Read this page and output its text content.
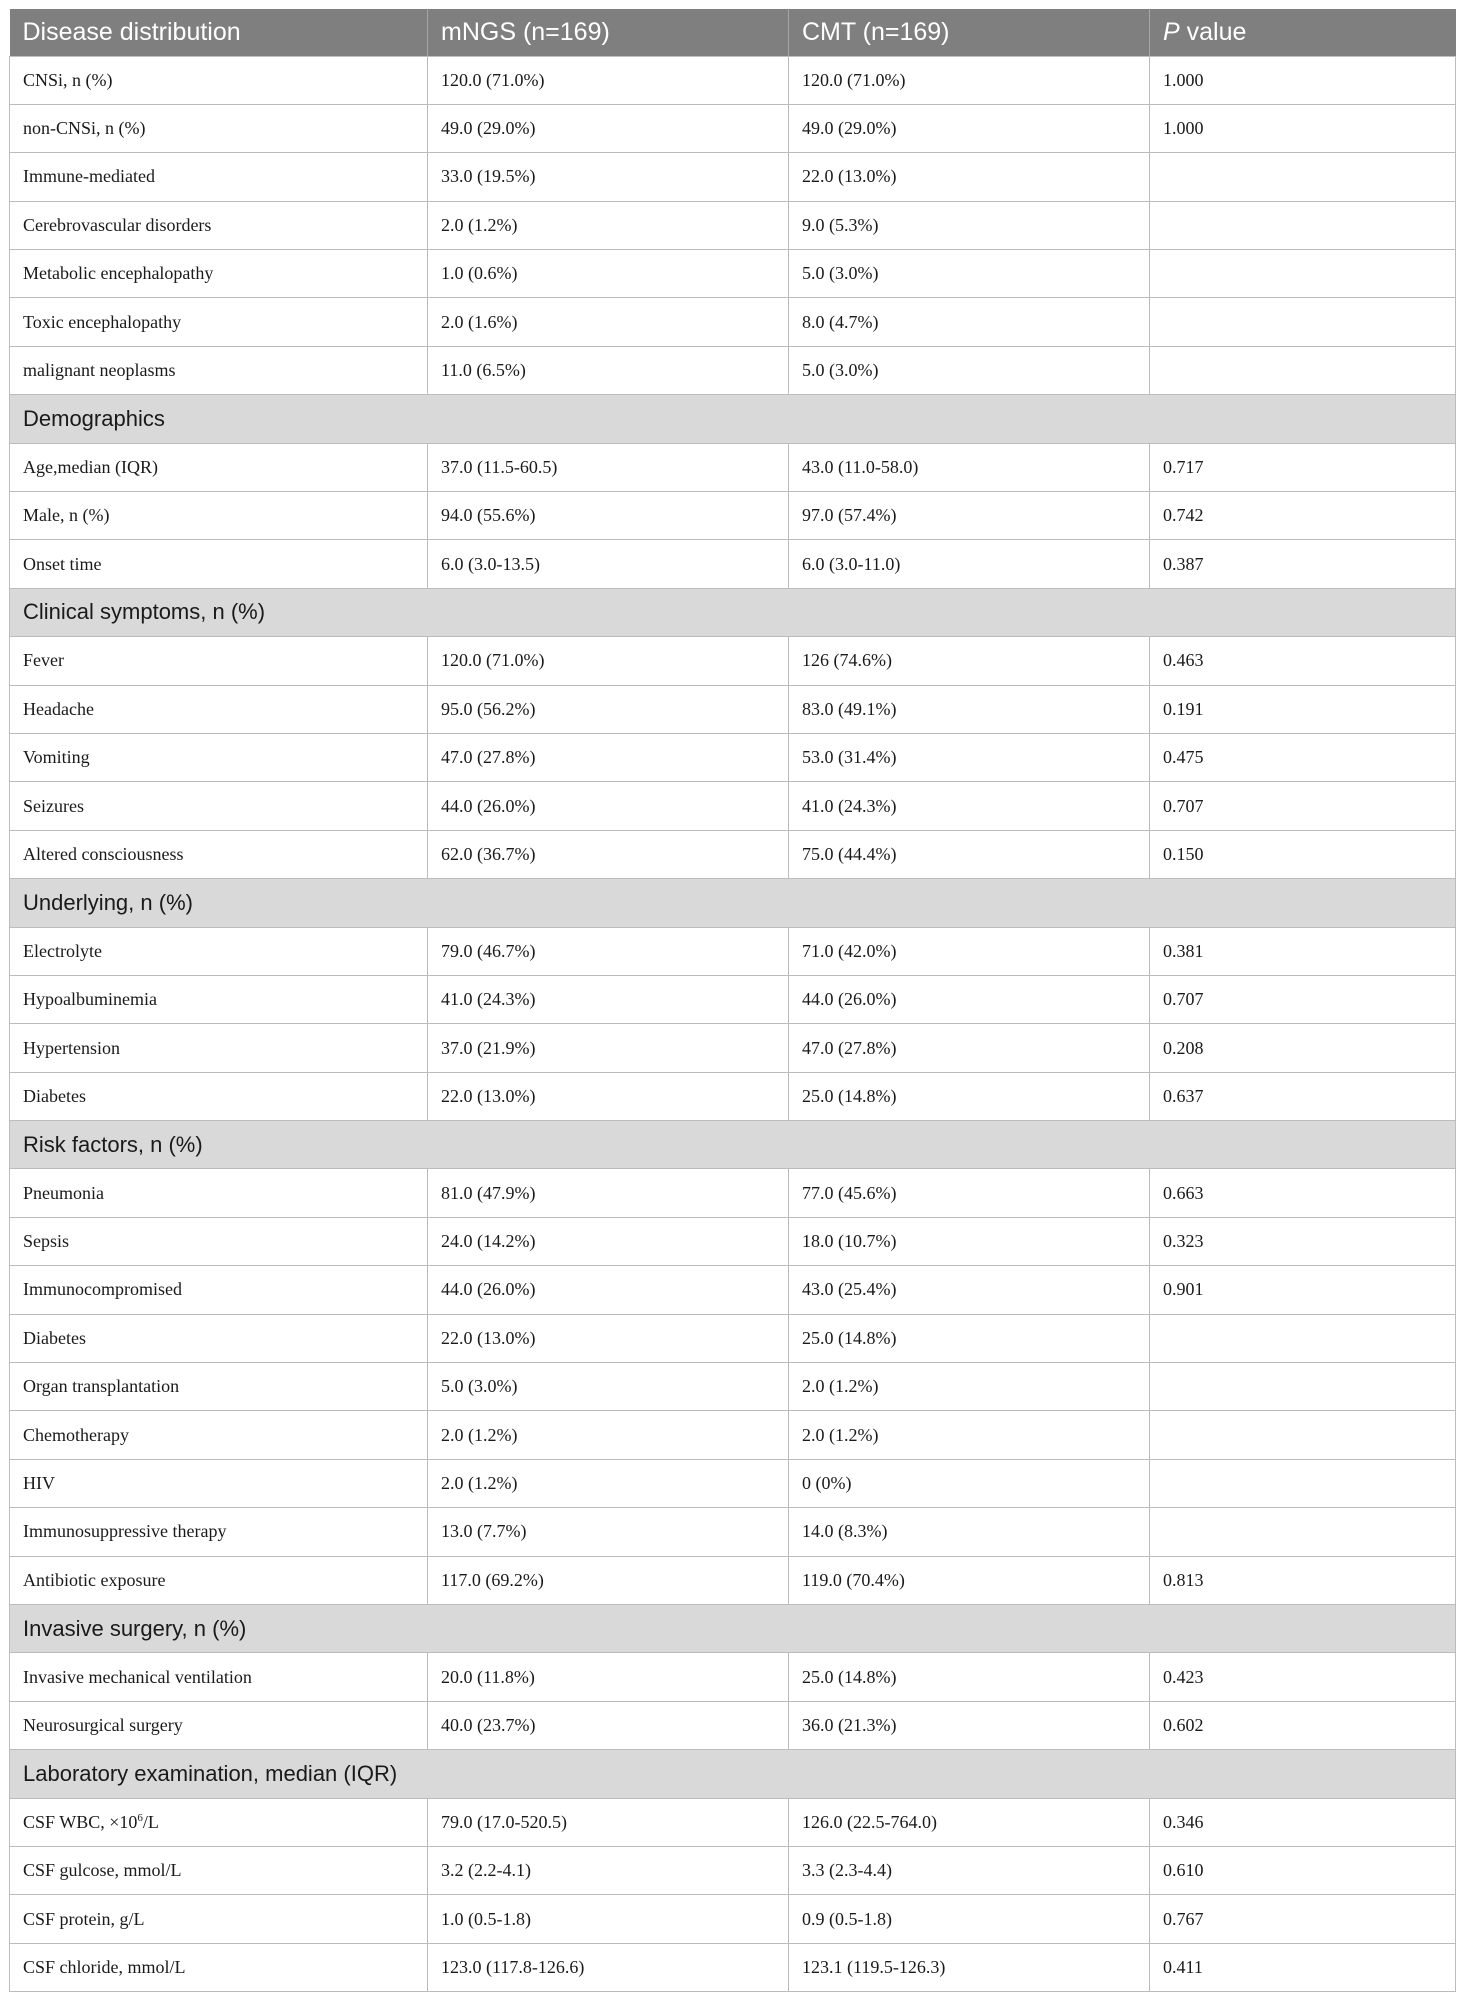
Disease distribution	mNGS (n=169)	CMT (n=169)	P value
CNSi, n (%)	120.0 (71.0%)	120.0 (71.0%)	1.000
non-CNSi, n (%)	49.0 (29.0%)	49.0 (29.0%)	1.000
Immune-mediated	33.0 (19.5%)	22.0 (13.0%)	
Cerebrovascular disorders	2.0 (1.2%)	9.0 (5.3%)	
Metabolic encephalopathy	1.0 (0.6%)	5.0 (3.0%)	
Toxic encephalopathy	2.0 (1.6%)	8.0 (4.7%)	
malignant neoplasms	11.0 (6.5%)	5.0 (3.0%)	
Demographics			
Age,median (IQR)	37.0 (11.5-60.5)	43.0 (11.0-58.0)	0.717
Male, n (%)	94.0 (55.6%)	97.0 (57.4%)	0.742
Onset time	6.0 (3.0-13.5)	6.0 (3.0-11.0)	0.387
Clinical symptoms, n (%)			
Fever	120.0 (71.0%)	126 (74.6%)	0.463
Headache	95.0 (56.2%)	83.0 (49.1%)	0.191
Vomiting	47.0 (27.8%)	53.0 (31.4%)	0.475
Seizures	44.0 (26.0%)	41.0 (24.3%)	0.707
Altered consciousness	62.0 (36.7%)	75.0 (44.4%)	0.150
Underlying, n (%)			
Electrolyte	79.0 (46.7%)	71.0 (42.0%)	0.381
Hypoalbuminemia	41.0 (24.3%)	44.0 (26.0%)	0.707
Hypertension	37.0 (21.9%)	47.0 (27.8%)	0.208
Diabetes	22.0 (13.0%)	25.0 (14.8%)	0.637
Risk factors, n (%)			
Pneumonia	81.0 (47.9%)	77.0 (45.6%)	0.663
Sepsis	24.0 (14.2%)	18.0 (10.7%)	0.323
Immunocompromised	44.0 (26.0%)	43.0 (25.4%)	0.901
Diabetes	22.0 (13.0%)	25.0 (14.8%)	
Organ transplantation	5.0 (3.0%)	2.0 (1.2%)	
Chemotherapy	2.0 (1.2%)	2.0 (1.2%)	
HIV	2.0 (1.2%)	0 (0%)	
Immunosuppressive therapy	13.0 (7.7%)	14.0 (8.3%)	
Antibiotic exposure	117.0 (69.2%)	119.0 (70.4%)	0.813
Invasive surgery, n (%)			
Invasive mechanical ventilation	20.0 (11.8%)	25.0 (14.8%)	0.423
Neurosurgical surgery	40.0 (23.7%)	36.0 (21.3%)	0.602
Laboratory examination, median (IQR)			
CSF WBC, $\times 10^6/L$	79.0 (17.0-520.5)	126.0 (22.5-764.0)	0.346
CSF gulcose, mmol/L	3.2 (2.2-4.1)	3.3 (2.3-4.4)	0.610
CSF protein, g/L	1.0 (0.5-1.8)	0.9 (0.5-1.8)	0.767
CSF chloride, mmol/L	123.0 (117.8-126.6)	123.1 (119.5-126.3)	0.411
